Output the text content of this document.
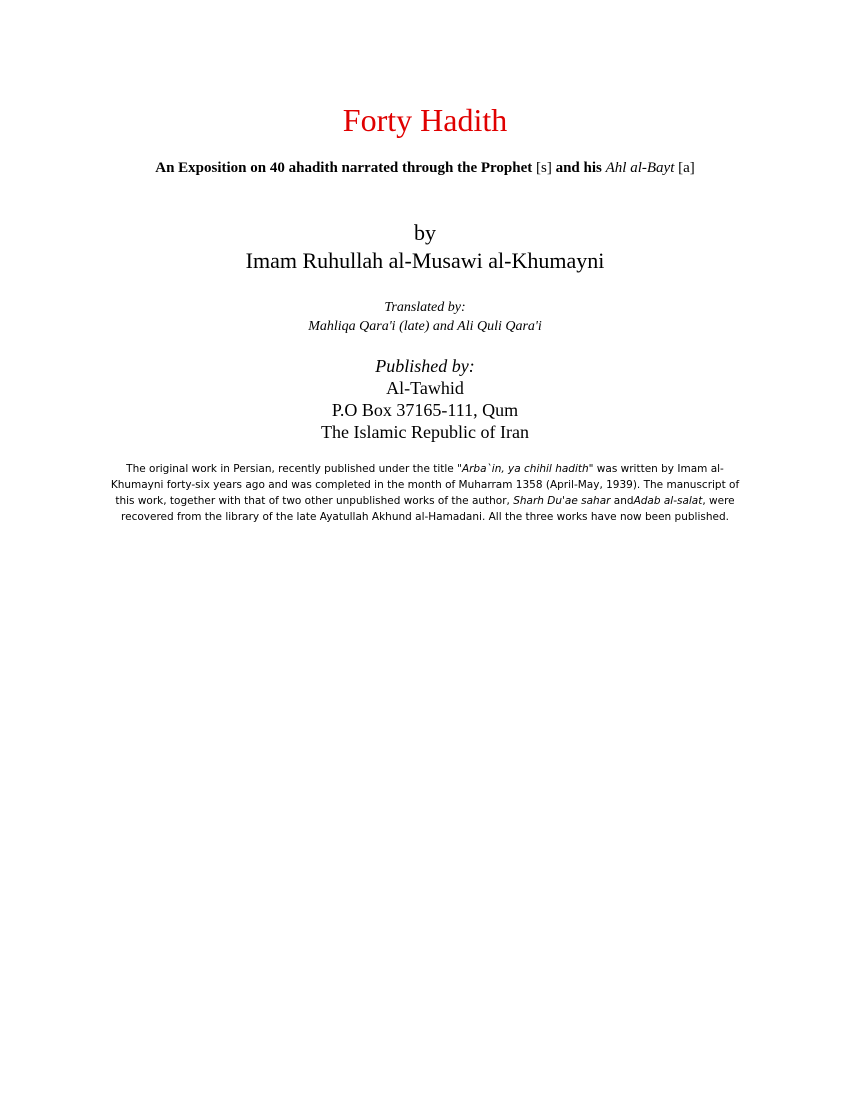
Forty Hadith
An Exposition on 40 ahadith narrated through the Prophet [s] and his Ahl al-Bayt [a]
by
Imam Ruhullah al-Musawi al-Khumayni
Translated by:
Mahliqa Qara'i (late) and Ali Quli Qara'i
Published by:
Al-Tawhid
P.O Box 37165-111, Qum
The Islamic Republic of Iran
The original work in Persian, recently published under the title "Arba`in, ya chihil hadith" was written by Imam al-Khumayni forty-six years ago and was completed in the month of Muharram 1358 (April-May, 1939). The manuscript of this work, together with that of two other unpublished works of the author, Sharh Du'ae sahar andAdab al-salat, were recovered from the library of the late Ayatullah Akhund al-Hamadani. All the three works have now been published.
